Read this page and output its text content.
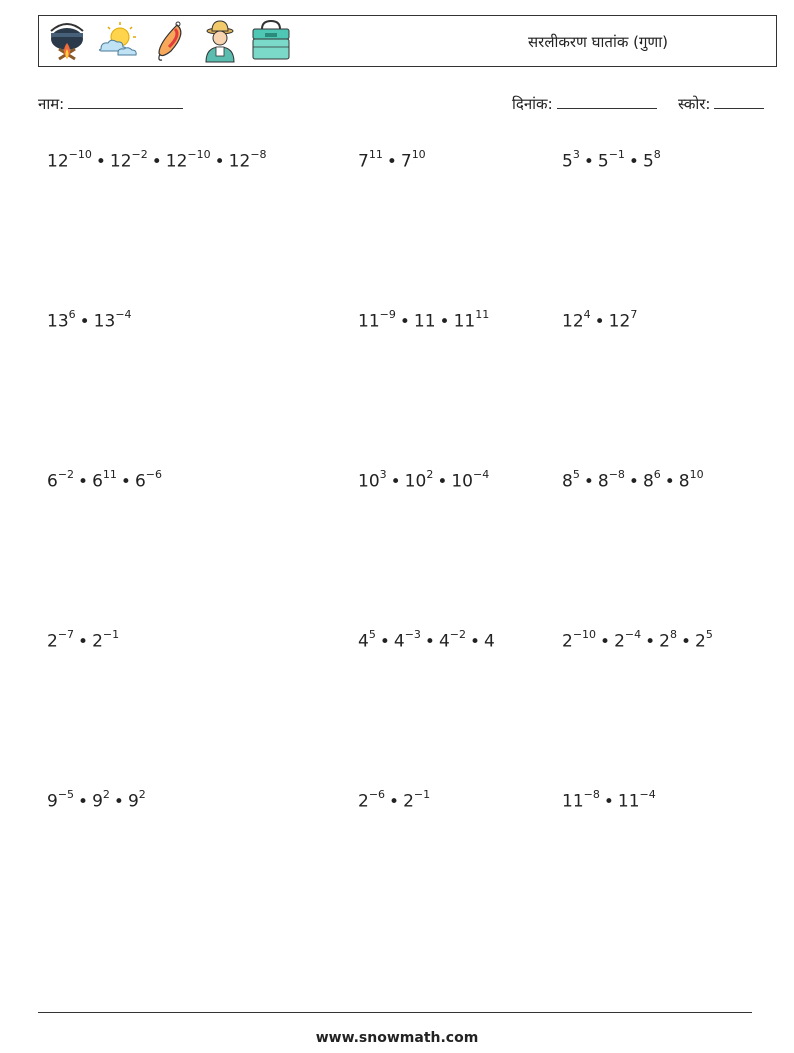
सरलीकरण घातांक (गुणा)
नाम:	दिनांक:	स्कोर:
$12^{-10}$ • $12^{-2}$ • $12^{-10}$ • $12^{-8}$	$7^{11}$ • $7^{10}$	$5^3$ • $5^{-1}$ • $5^8$
$13^6$ • $13^{-4}$	$11^{-9}$ • 11 • $11^{11}$	$12^4$ • $12^7$
$6^{-2}$ • $6^{11}$ • $6^{-6}$	$10^3$ • $10^2$ • $10^{-4}$	$8^5$ • $8^{-8}$ • $8^6$ • $8^{10}$
$2^{-7}$ • $2^{-1}$	$4^5$ • $4^{-3}$ • $4^{-2}$ • 4	$2^{-10}$ • $2^{-4}$ • $2^8$ • $2^5$
$9^{-5}$ • $9^2$ • $9^2$	$2^{-6}$ • $2^{-1}$	$11^{-8}$ • $11^{-4}$
www.snowmath.com
